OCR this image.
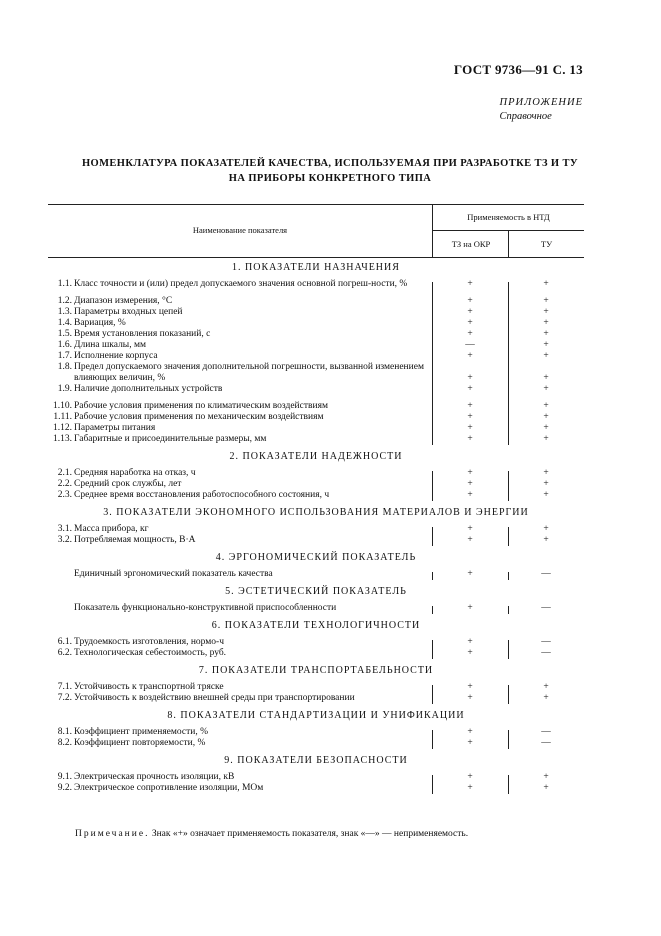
ГОСТ 9736—91 С. 13
ПРИЛОЖЕНИЕ
Справочное
НОМЕНКЛАТУРА ПОКАЗАТЕЛЕЙ КАЧЕСТВА, ИСПОЛЬЗУЕМАЯ ПРИ РАЗРАБОТКЕ ТЗ И ТУ
НА ПРИБОРЫ КОНКРЕТНОГО ТИПА
Наименование показателя
Применяемость в НТД
ТЗ на ОКР	ТУ
1. ПОКАЗАТЕЛИ НАЗНАЧЕНИЯ
1.1. Класс точности и (или) предел допускаемого значения основной погреш-ности, %	+	+
1.2. Диапазон измерения, °С	+	+
1.3. Параметры входных цепей	+	+
1.4. Вариация, %	+	+
1.5. Время установления показаний, с	+	+
1.6. Длина шкалы, мм	—	+
1.7. Исполнение корпуса	+	+
1.8. Предел допускаемого значения дополнительной погрешности, вызванной изменением влияющих величин, %	+	+
1.9. Наличие дополнительных устройств	+	+
1.10. Рабочие условия применения по климатическим воздействиям	+	+
1.11. Рабочие условия применения по механическим воздействиям	+	+
1.12. Параметры питания	+	+
1.13. Габаритные и присоединительные размеры, мм	+	+
2. ПОКАЗАТЕЛИ НАДЕЖНОСТИ
2.1. Средняя наработка на отказ, ч	+	+
2.2. Средний срок службы, лет	+	+
2.3. Среднее время восстановления работоспособного состояния, ч	+	+
3. ПОКАЗАТЕЛИ ЭКОНОМНОГО ИСПОЛЬЗОВАНИЯ МАТЕРИАЛОВ И ЭНЕРГИИ
3.1. Масса прибора, кг	+	+
3.2. Потребляемая мощность, В·А	+	+
4. ЭРГОНОМИЧЕСКИЙ ПОКАЗАТЕЛЬ
Единичный эргономический показатель качества	+	—
5. ЭСТЕТИЧЕСКИЙ ПОКАЗАТЕЛЬ
Показатель функционально-конструктивной приспособленности	+	—
6. ПОКАЗАТЕЛИ ТЕХНОЛОГИЧНОСТИ
6.1. Трудоемкость изготовления, нормо-ч	+	—
6.2. Технологическая себестоимость, руб.	+	—
7. ПОКАЗАТЕЛИ ТРАНСПОРТАБЕЛЬНОСТИ
7.1. Устойчивость к транспортной тряске	+	+
7.2. Устойчивость к воздействию внешней среды при транспортировании	+	+
8. ПОКАЗАТЕЛИ СТАНДАРТИЗАЦИИ И УНИФИКАЦИИ
8.1. Коэффициент применяемости, %	+	—
8.2. Коэффициент повторяемости, %	+	—
9. ПОКАЗАТЕЛИ БЕЗОПАСНОСТИ
9.1. Электрическая прочность изоляции, кВ	+	+
9.2. Электрическое сопротивление изоляции, МОм	+	+
Примечание. Знак «+» означает применяемость показателя, знак «—» — неприменяемость.
